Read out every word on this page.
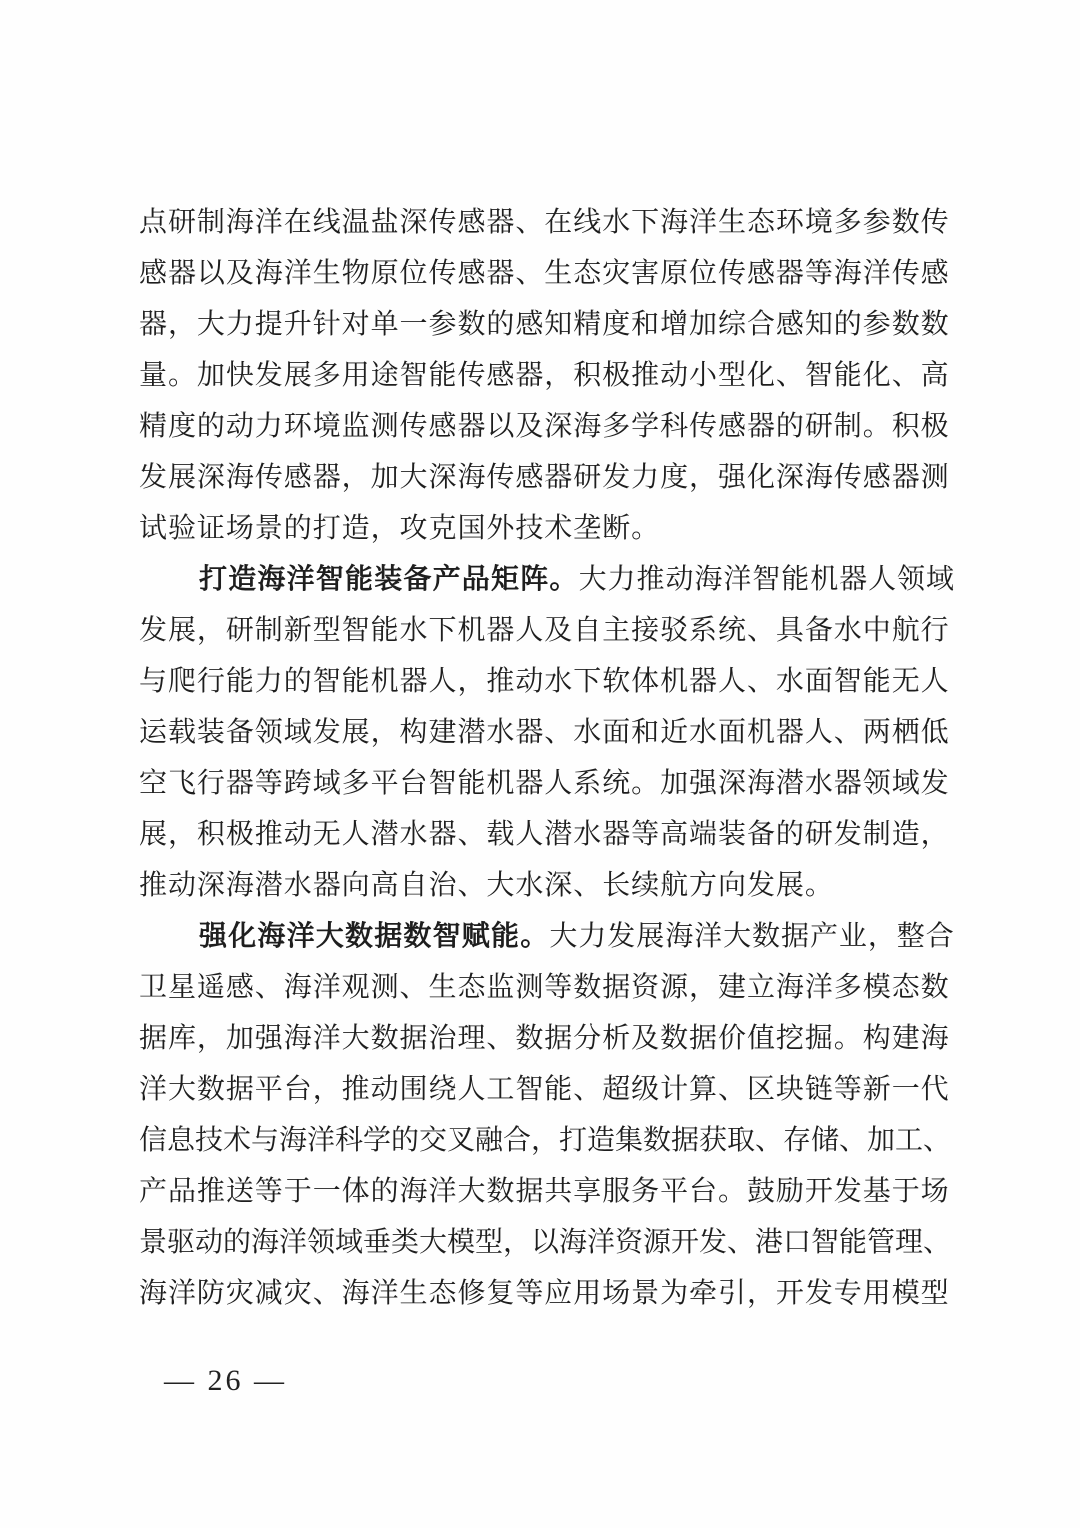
点研制海洋在线温盐深传感器、在线水下海洋生态环境多参数传
感器以及海洋生物原位传感器、生态灾害原位传感器等海洋传感
器，大力提升针对单一参数的感知精度和增加综合感知的参数数
量。加快发展多用途智能传感器，积极推动小型化、智能化、高
精度的动力环境监测传感器以及深海多学科传感器的研制。积极
发展深海传感器，加大深海传感器研发力度，强化深海传感器测
试验证场景的打造，攻克国外技术垄断。
打造海洋智能装备产品矩阵。大力推动海洋智能机器人领域
发展，研制新型智能水下机器人及自主接驳系统、具备水中航行
与爬行能力的智能机器人，推动水下软体机器人、水面智能无人
运载装备领域发展，构建潜水器、水面和近水面机器人、两栖低
空飞行器等跨域多平台智能机器人系统。加强深海潜水器领域发
展，积极推动无人潜水器、载人潜水器等高端装备的研发制造，
推动深海潜水器向高自治、大水深、长续航方向发展。
强化海洋大数据数智赋能。大力发展海洋大数据产业，整合
卫星遥感、海洋观测、生态监测等数据资源，建立海洋多模态数
据库，加强海洋大数据治理、数据分析及数据价值挖掘。构建海
洋大数据平台，推动围绕人工智能、超级计算、区块链等新一代
信息技术与海洋科学的交叉融合，打造集数据获取、存储、加工、
产品推送等于一体的海洋大数据共享服务平台。鼓励开发基于场
景驱动的海洋领域垂类大模型，以海洋资源开发、港口智能管理、
海洋防灾减灾、海洋生态修复等应用场景为牵引，开发专用模型
— 26 —
